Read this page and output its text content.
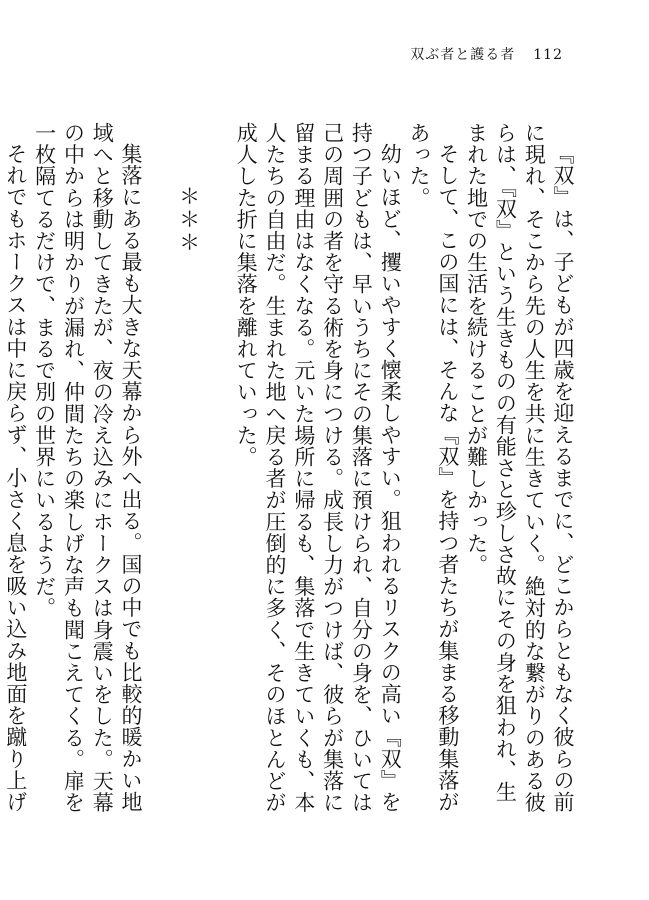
双ぶ者と護る者 112

『双』は、子どもが四歳を迎えるまでに、どこからともなく彼らの前に現れ、そこから先の人生を共に生きていく。絶対的な繋がりのある彼らは、『双』という生きものの有能さと珍しさ故にその身を狙われ、生まれた地での生活を続けることが難しかった。

そして、この国には、そんな『双』を持つ者たちが集まる移動集落があった。

幼いほど、攫いやすく懐柔しやすい。狙われるリスクの高い『双』を持つ子どもは、早いうちにその集落に預けられ、自分の身を、ひいては己の周囲の者を守る術を身につける。成長し力がつけば、彼らが集落に留まる理由はなくなる。元いた場所に帰るも、集落で生きていくも、本人たちの自由だ。生まれた地へ戻る者が圧倒的に多く、そのほとんどが成人した折に集落を離れていった。

＊＊＊

集落にある最も大きな天幕から外へ出る。国の中でも比較的暖かい地域へと移動してきたが、夜の冷え込みにホークスは身震いをした。天幕の中からは明かりが漏れ、仲間たちの楽しげな声も聞こえてくる。扉を一枚隔てるだけで、まるで別の世界にいるようだ。

それでもホークスは中に戻らず、小さく息を吸い込み地面を蹴り上げ
